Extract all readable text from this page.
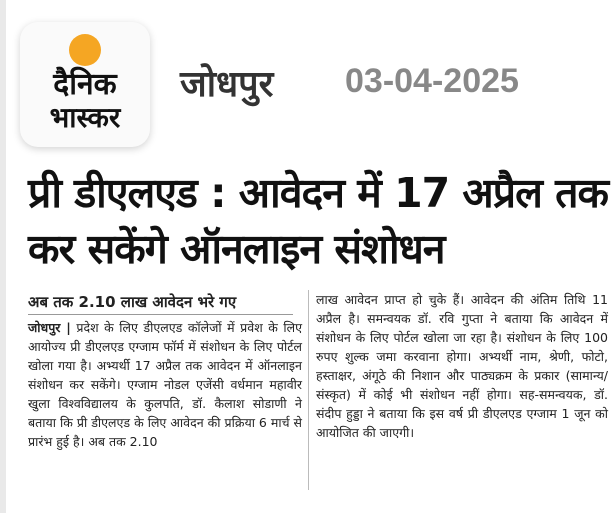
दैनिक
भास्कर
जोधपुर 03-04-2025
प्री डीएलएड : आवेदन में 17 अप्रैल तक कर सकेंगे ऑनलाइन संशोधन
अब तक 2.10 लाख आवेदन भरे गए
जोधपुर | प्रदेश के लिए डीएलएड कॉलेजों में प्रवेश के लिए आयोज्य प्री डीएलएड एग्जाम फॉर्म में संशोधन के लिए पोर्टल खोला गया है। अभ्यर्थी 17 अप्रैल तक आवेदन में ऑनलाइन संशोधन कर सकेंगे। एग्जाम नोडल एजेंसी वर्धमान महावीर खुला विश्वविद्यालय के कुलपति, डॉ. कैलाश सोडाणी ने बताया कि प्री डीएलएड के लिए आवेदन की प्रक्रिया 6 मार्च से प्रारंभ हुई है। अब तक 2.10
लाख आवेदन प्राप्त हो चुके हैं। आवेदन की अंतिम तिथि 11 अप्रैल है। समन्वयक डॉ. रवि गुप्ता ने बताया कि आवेदन में संशोधन के लिए पोर्टल खोला जा रहा है। संशोधन के लिए 100 रुपए शुल्क जमा करवाना होगा। अभ्यर्थी नाम, श्रेणी, फोटो, हस्ताक्षर, अंगूठे की निशान और पाठ्यक्रम के प्रकार (सामान्य/संस्कृत) में कोई भी संशोधन नहीं होगा। सह-समन्वयक, डॉ. संदीप हुड्डा ने बताया कि इस वर्ष प्री डीएलएड एग्जाम 1 जून को आयोजित की जाएगी।
